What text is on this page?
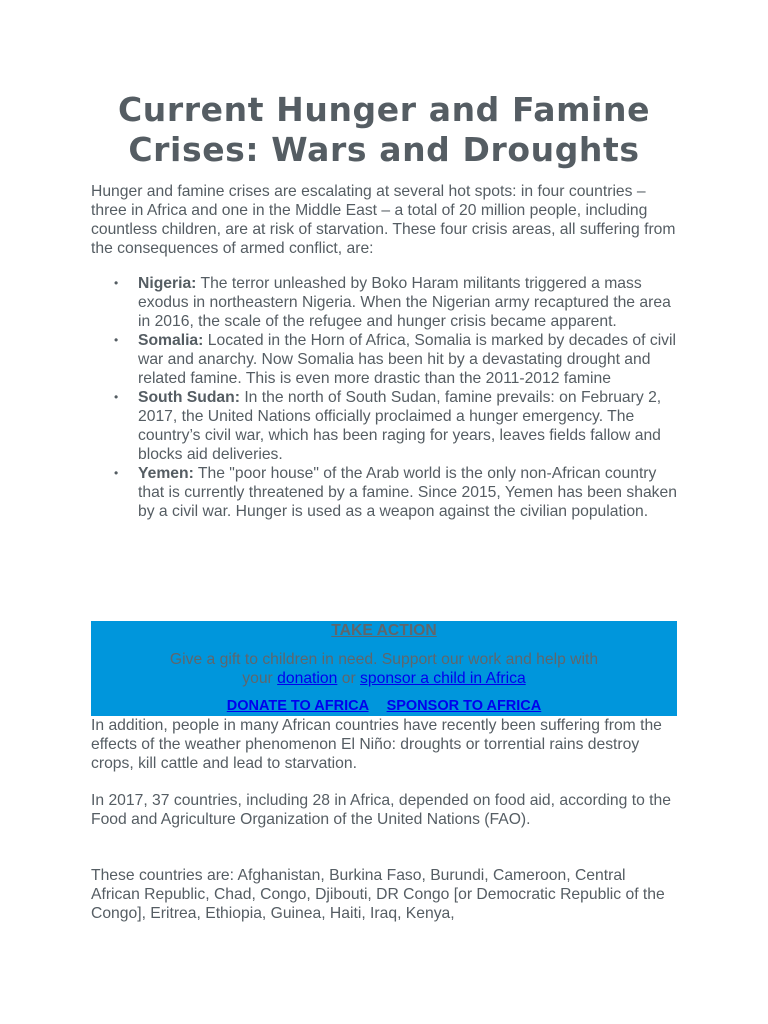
Current Hunger and Famine
Crises: Wars and Droughts

Hunger and famine crises are escalating at several hot spots: in four countries – three in Africa and one in the Middle East – a total of 20 million people, including countless children, are at risk of starvation. These four crisis areas, all suffering from the consequences of armed conflict, are:

• Nigeria: The terror unleashed by Boko Haram militants triggered a mass exodus in northeastern Nigeria. When the Nigerian army recaptured the area in 2016, the scale of the refugee and hunger crisis became apparent.
• Somalia: Located in the Horn of Africa, Somalia is marked by decades of civil war and anarchy. Now Somalia has been hit by a devastating drought and related famine. This is even more drastic than the 2011-2012 famine
• South Sudan: In the north of South Sudan, famine prevails: on February 2, 2017, the United Nations officially proclaimed a hunger emergency. The country’s civil war, which has been raging for years, leaves fields fallow and blocks aid deliveries.
• Yemen: The "poor house" of the Arab world is the only non-African country that is currently threatened by a famine. Since 2015, Yemen has been shaken by a civil war. Hunger is used as a weapon against the civilian population.
TAKE ACTION
Give a gift to children in need. Support our work and help with
your donation or sponsor a child in Africa
DONATE TO AFRICA SPONSOR TO AFRICA

In addition, people in many African countries have recently been suffering from the effects of the weather phenomenon El Niño: droughts or torrential rains destroy crops, kill cattle and lead to starvation.

In 2017, 37 countries, including 28 in Africa, depended on food aid, according to the Food and Agriculture Organization of the United Nations (FAO).

These countries are: Afghanistan, Burkina Faso, Burundi, Cameroon, Central African Republic, Chad, Congo, Djibouti, DR Congo [or Democratic Republic of the Congo], Eritrea, Ethiopia, Guinea, Haiti, Iraq, Kenya,
